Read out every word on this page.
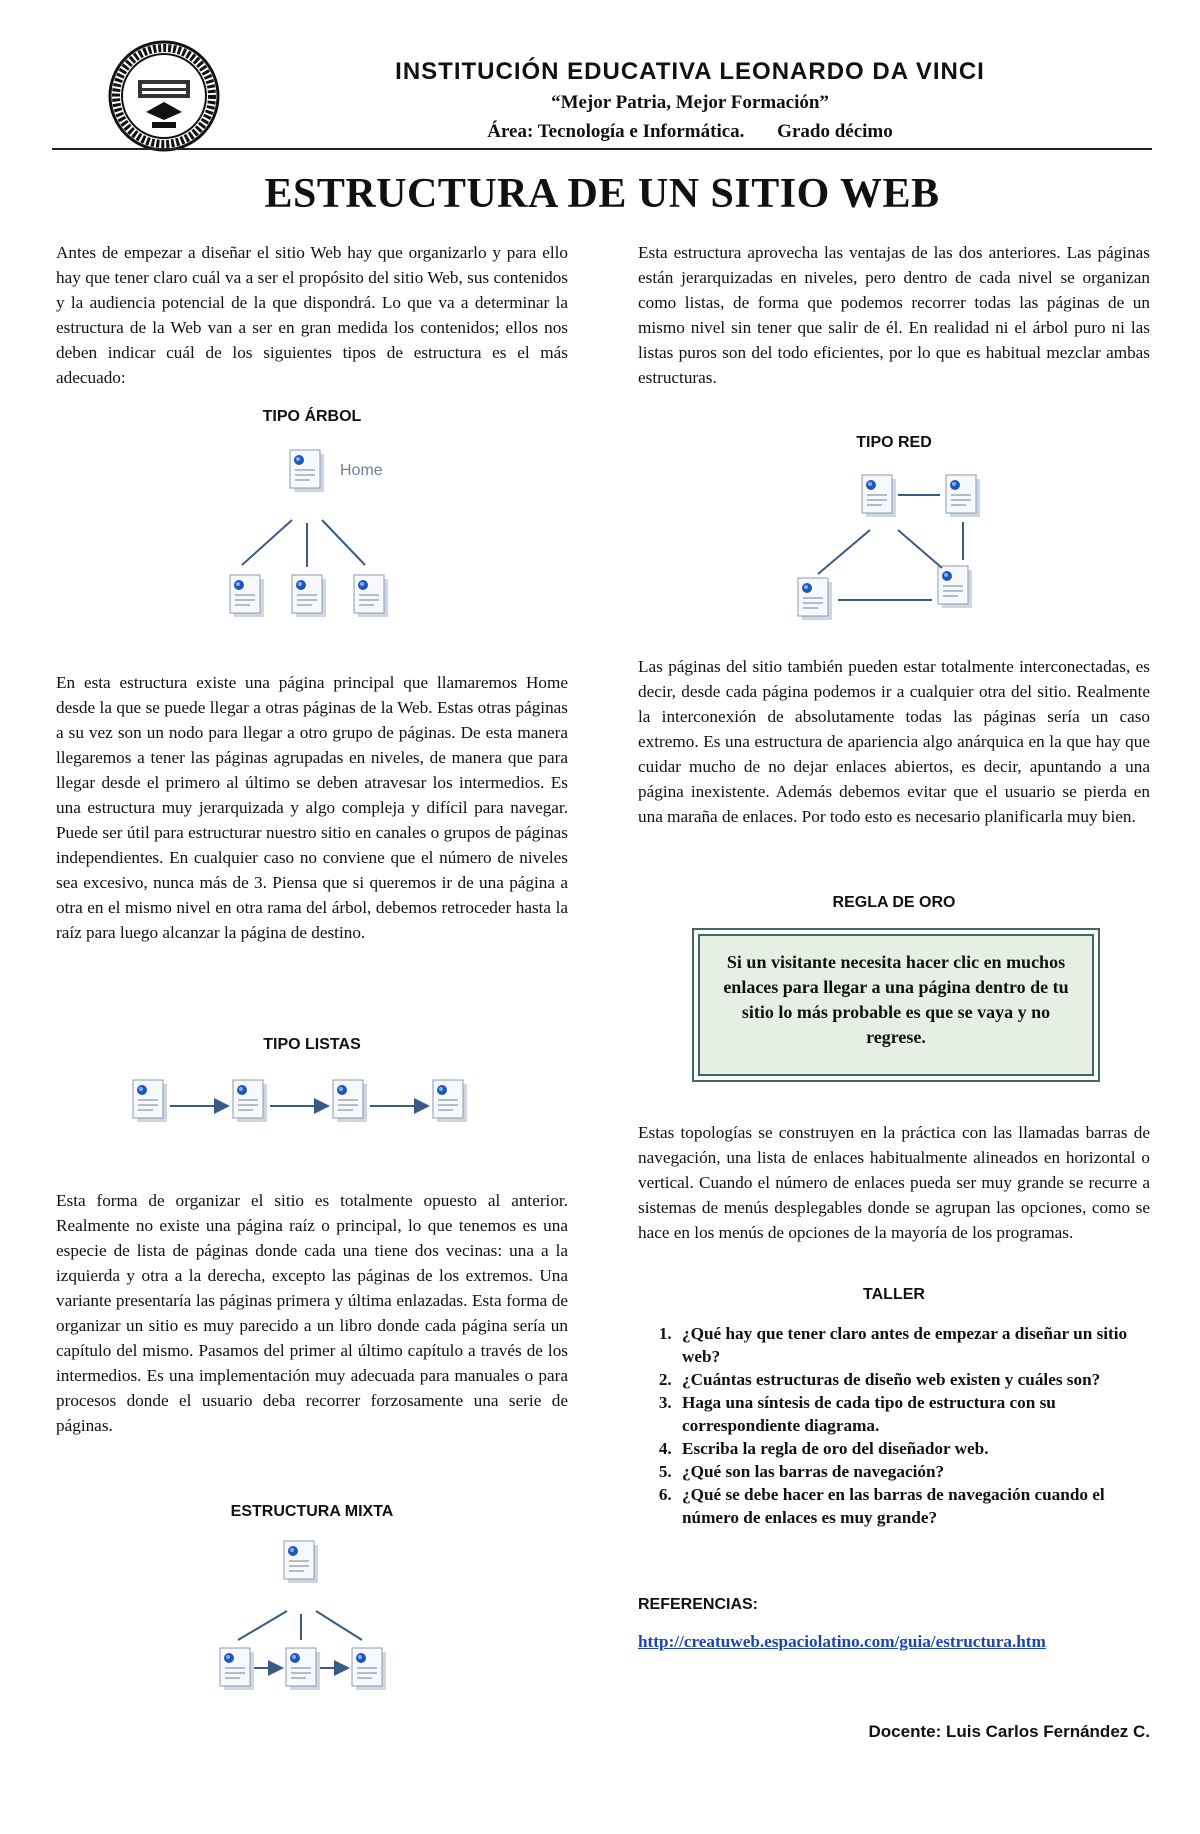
INSTITUCIÓN EDUCATIVA LEONARDO DA VINCI
“Mejor Patria, Mejor Formación”
Área: Tecnología e Informática. Grado décimo
ESTRUCTURA DE UN SITIO WEB

Antes de empezar a diseñar el sitio Web hay que organizarlo y para ello hay que tener claro cuál va a ser el propósito del sitio Web, sus contenidos y la audiencia potencial de la que dispondrá. Lo que va a determinar la estructura de la Web van a ser en gran medida los contenidos; ellos nos deben indicar cuál de los siguientes tipos de estructura es el más adecuado:

TIPO ÁRBOL
Home

En esta estructura existe una página principal que llamaremos Home desde la que se puede llegar a otras páginas de la Web. Estas otras páginas a su vez son un nodo para llegar a otro grupo de páginas. De esta manera llegaremos a tener las páginas agrupadas en niveles, de manera que para llegar desde el primero al último se deben atravesar los intermedios. Es una estructura muy jerarquizada y algo compleja y difícil para navegar. Puede ser útil para estructurar nuestro sitio en canales o grupos de páginas independientes. En cualquier caso no conviene que el número de niveles sea excesivo, nunca más de 3. Piensa que si queremos ir de una página a otra en el mismo nivel en otra rama del árbol, debemos retroceder hasta la raíz para luego alcanzar la página de destino.

TIPO LISTAS

Esta forma de organizar el sitio es totalmente opuesto al anterior. Realmente no existe una página raíz o principal, lo que tenemos es una especie de lista de páginas donde cada una tiene dos vecinas: una a la izquierda y otra a la derecha, excepto las páginas de los extremos. Una variante presentaría las páginas primera y última enlazadas. Esta forma de organizar un sitio es muy parecido a un libro donde cada página sería un capítulo del mismo. Pasamos del primer al último capítulo a través de los intermedios. Es una implementación muy adecuada para manuales o para procesos donde el usuario deba recorrer forzosamente una serie de páginas.

ESTRUCTURA MIXTA

Esta estructura aprovecha las ventajas de las dos anteriores. Las páginas están jerarquizadas en niveles, pero dentro de cada nivel se organizan como listas, de forma que podemos recorrer todas las páginas de un mismo nivel sin tener que salir de él. En realidad ni el árbol puro ni las listas puros son del todo eficientes, por lo que es habitual mezclar ambas estructuras.

TIPO RED

Las páginas del sitio también pueden estar totalmente interconectadas, es decir, desde cada página podemos ir a cualquier otra del sitio. Realmente la interconexión de absolutamente todas las páginas sería un caso extremo. Es una estructura de apariencia algo anárquica en la que hay que cuidar mucho de no dejar enlaces abiertos, es decir, apuntando a una página inexistente. Además debemos evitar que el usuario se pierda en una maraña de enlaces. Por todo esto es necesario planificarla muy bien.

REGLA DE ORO
Si un visitante necesita hacer clic en muchos enlaces para llegar a una página dentro de tu sitio lo más probable es que se vaya y no regrese.

Estas topologías se construyen en la práctica con las llamadas barras de navegación, una lista de enlaces habitualmente alineados en horizontal o vertical. Cuando el número de enlaces pueda ser muy grande se recurre a sistemas de menús desplegables donde se agrupan las opciones, como se hace en los menús de opciones de la mayoría de los programas.

TALLER
1. ¿Qué hay que tener claro antes de empezar a diseñar un sitio web?
2. ¿Cuántas estructuras de diseño web existen y cuáles son?
3. Haga una síntesis de cada tipo de estructura con su correspondiente diagrama.
4. Escriba la regla de oro del diseñador web.
5. ¿Qué son las barras de navegación?
6. ¿Qué se debe hacer en las barras de navegación cuando el número de enlaces es muy grande?
REFERENCIAS:
http://creatuweb.espaciolatino.com/guia/estructura.htm
Docente: Luis Carlos Fernández C.
